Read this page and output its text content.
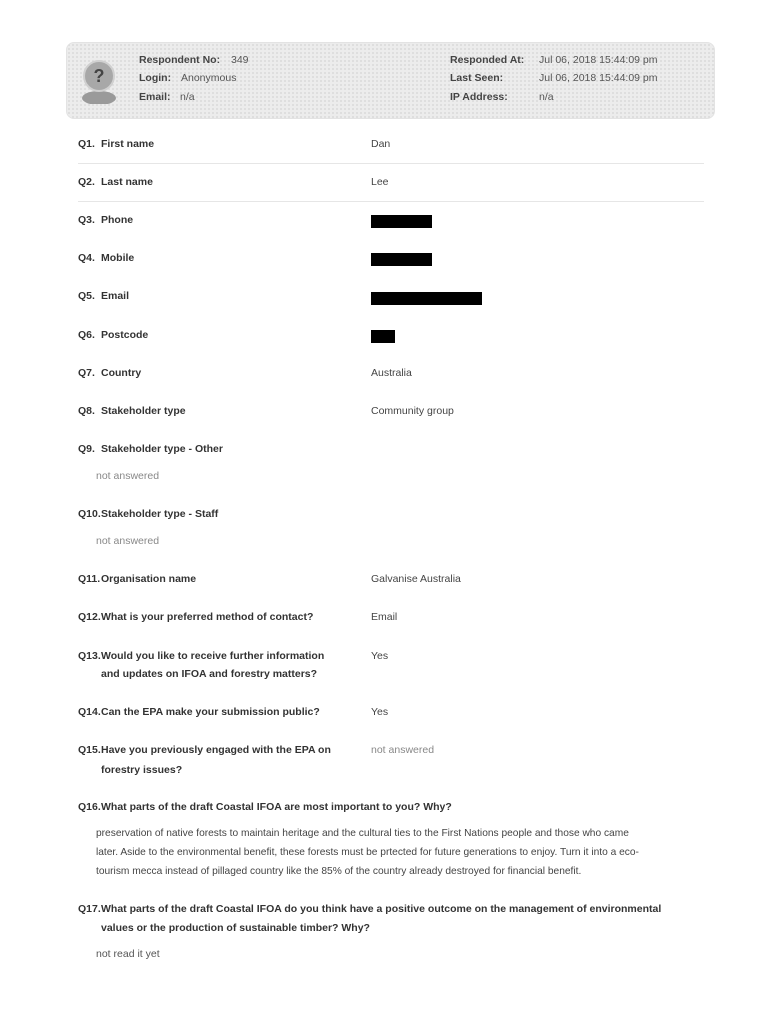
?
Respondent No: 349
Login: Anonymous
Email: n/a
Responded At: Jul 06, 2018 15:44:09 pm
Last Seen:	Jul 06, 2018 15:44:09 pm
IP Address:	n/a
Q1. First name	Dan
Q2. Last name	Lee
Q3. Phone
Q4. Mobile
Q5. Email
Q6. Postcode
Q7. Country	Australia
Q8. Stakeholder type	Community group
Q9. Stakeholder type - Other
not answered
Q10. Stakeholder type - Staff
not answered
Q11. Organisation name	Galvanise Australia
Q12. What is your preferred method of contact?	Email
Q13. Would you like to receive further information
and updates on IFOA and forestry matters?
Yes
Q14. Can the EPA make your submission public?	Yes
Q15. Have you previously engaged with the EPA on
forestry issues?
not answered
Q16. What parts of the draft Coastal IFOA are most important to you? Why?
preservation of native forests to maintain heritage and the cultural ties to the First Nations people and those who came
later. Aside to the environmental benefit, these forests must be prtected for future generations to enjoy. Turn it into a eco-
tourism mecca instead of pillaged country like the 85% of the country already destroyed for financial benefit.
Q17. What parts of the draft Coastal IFOA do you think have a positive outcome on the management of environmental
values or the production of sustainable timber? Why?
not read it yet
